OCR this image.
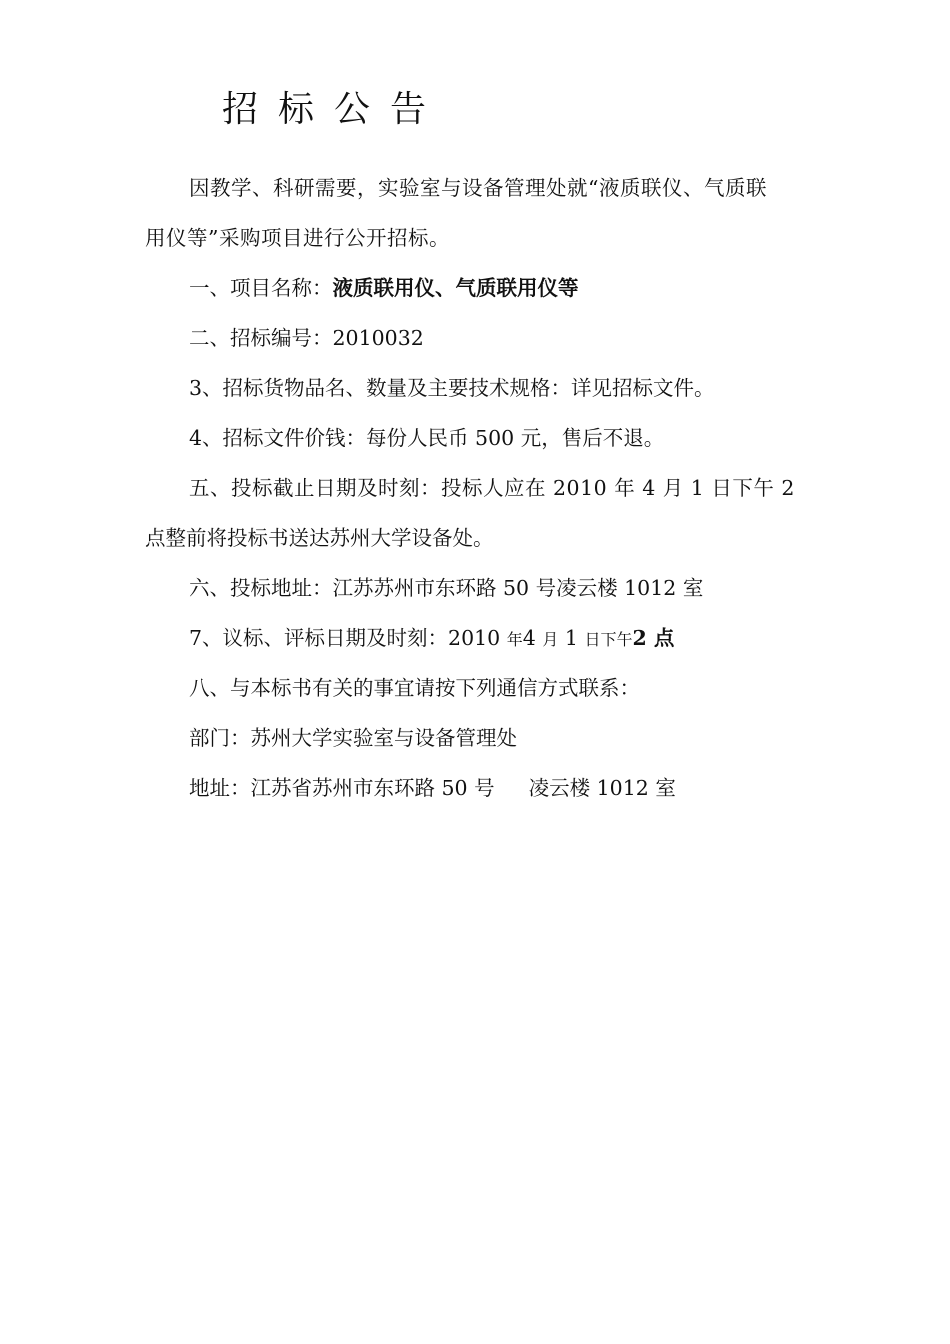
招标公告

因教学、科研需要，实验室与设备管理处就“液质联仪、气质联

用仪等”采购项目进行公开招标。

一、项目名称：液质联用仪、气质联用仪等

二、招标编号：2010032

3、招标货物品名、数量及主要技术规格：详见招标文件。

4、招标文件价钱：每份人民币 500 元，售后不退。

五、投标截止日期及时刻：投标人应在 2010 年 4 月 1 日下午 2

点整前将投标书送达苏州大学设备处。

六、投标地址：江苏苏州市东环路 50 号凌云楼 1012 室

7、议标、评标日期及时刻：2010 年4 月 1 日下午2 点

八、与本标书有关的事宜请按下列通信方式联系：

部门：苏州大学实验室与设备管理处

地址：江苏省苏州市东环路 50 号 凌云楼 1012 室
